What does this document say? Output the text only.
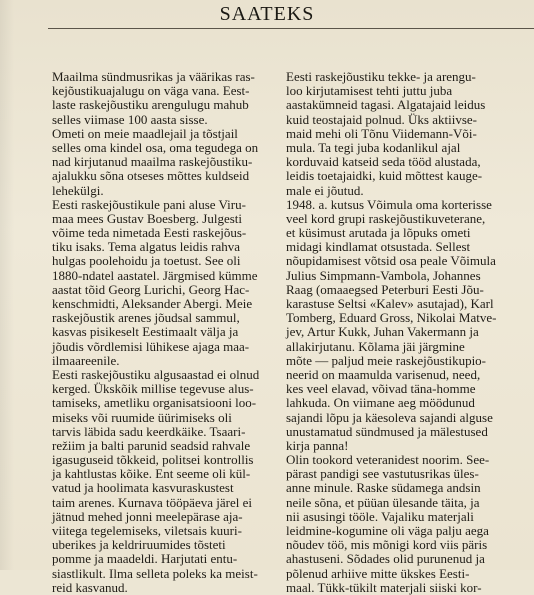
SAATEKS
Maailma sündmusrikas ja väärikas ras-
kejõustikuajalugu on väga vana. Eest-
laste raskejõustiku arengulugu mahub
selles viimase 100 aasta sisse.
Ometi on meie maadlejail ja tõstjail
selles oma kindel osa, oma tegudega on
nad kirjutanud maailma raskejõustiku-
ajalukku sõna otseses mõttes kuldseid
lehekülgi.
Eesti raskejõustikule pani aluse Viru-
maa mees Gustav Boesberg. Julgesti
võime teda nimetada Eesti raskejõus-
tiku isaks. Tema algatus leidis rahva
hulgas poolehoidu ja toetust. See oli
1880-ndatel aastatel. Järgmised kümme
aastat tõid Georg Lurichi, Georg Hac-
kenschmidti, Aleksander Abergi. Meie
raskejõustik arenes jõudsal sammul,
kasvas pisikeselt Eestimaalt välja ja
jõudis võrdlemisi lühikese ajaga maa-
ilmaareenile.
Eesti raskejõustiku algusaastad ei olnud
kerged. Ükskõik millise tegevuse alus-
tamiseks, ametliku organisatsiooni loo-
miseks või ruumide üürimiseks oli
tarvis läbida sadu keerdkäike. Tsaari-
režiim ja balti parunid seadsid rahvale
igasuguseid tõkkeid, politsei kontrollis
ja kahtlustas kõike. Ent seeme oli kül-
vatud ja hoolimata kasvuraskustest
taim arenes. Kurnava tööpäeva järel ei
jätnud mehed jonni meelepärase aja-
viitega tegelemiseks, viletsais kuuri-
uberikes ja keldriruumides tõsteti
pomme ja maadeldi. Harjutati entu-
siastlikult. Ilma selleta poleks ka meist-
reid kasvanud.
Eesti raskejõustiku tekke- ja arengu-
loo kirjutamisest tehti juttu juba
aastakümneid tagasi. Algatajaid leidus
kuid teostajaid polnud. Üks aktiivse-
maid mehi oli Tõnu Viidemann-Või-
mula. Ta tegi juba kodanlikul ajal
korduvaid katseid seda tööd alustada,
leidis toetajaidki, kuid mõttest kauge-
male ei jõutud.
1948. a. kutsus Võimula oma korterisse
veel kord grupi raskejõustikuveterane,
et küsimust arutada ja lõpuks ometi
midagi kindlamat otsustada. Sellest
nõupidamisest võtsid osa peale Võimula
Julius Simpmann-Vambola, Johannes
Raag (omaaegsed Peterburi Eesti Jõu-
karastuse Seltsi «Kalev» asutajad), Karl
Tomberg, Eduard Gross, Nikolai Matve-
jev, Artur Kukk, Juhan Vakermann ja
allakirjutanu. Kõlama jäi järgmine
mõte — paljud meie raskejõustikupio-
neerid on maamulda varisenud, need,
kes veel elavad, võivad täna-homme
lahkuda. On viimane aeg möödunud
sajandi lõpu ja käesoleva sajandi alguse
unustamatud sündmused ja mälestused
kirja panna!
Olin tookord veteranidest noorim. See-
pärast pandigi see vastutusrikas üles-
anne minule. Raske südamega andsin
neile sõna, et püüan ülesande täita, ja
nii asusingi tööle. Vajaliku materjali
leidmine-kogumine oli väga palju aega
nõudev töö, mis mõnigi kord viis päris
ahastuseni. Sõdades olid purunenud ja
põlenud arhiive mitte ükskes Eesti-
maal. Tükk-tükilt materjali siiski kor-
